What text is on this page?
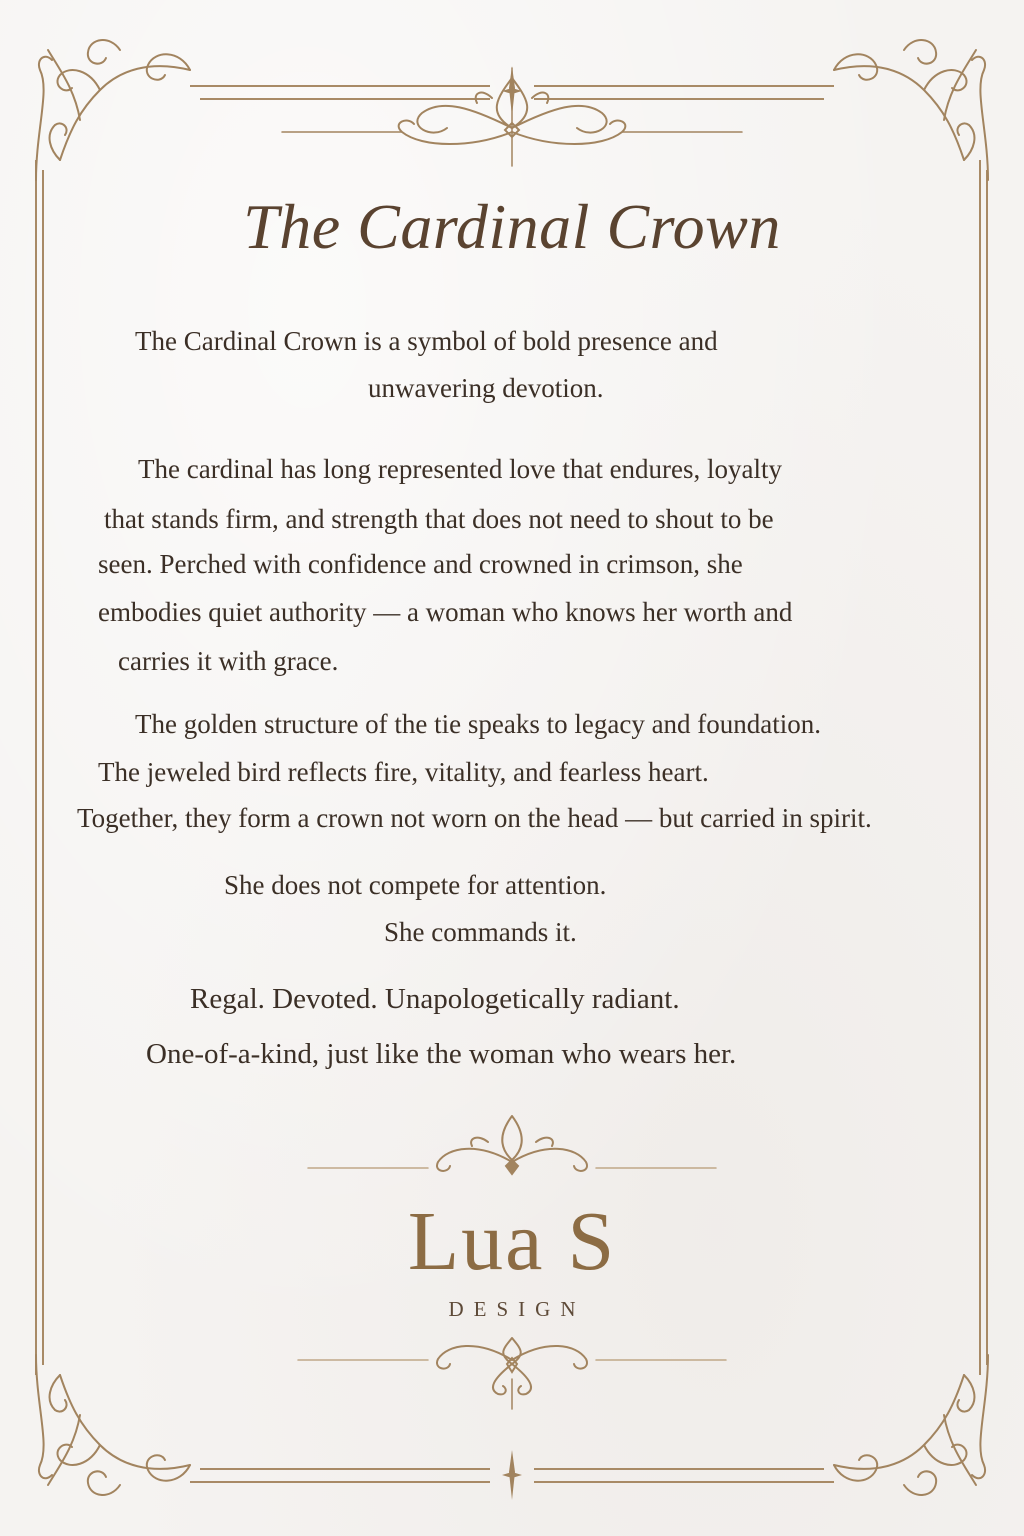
The Cardinal Crown
The Cardinal Crown is a symbol of bold presence and
unwavering devotion.
The cardinal has long represented love that endures, loyalty
that stands firm, and strength that does not need to shout to be
seen. Perched with confidence and crowned in crimson, she
embodies quiet authority — a woman who knows her worth and
carries it with grace.
The golden structure of the tie speaks to legacy and foundation.
The jeweled bird reflects fire, vitality, and fearless heart.
Together, they form a crown not worn on the head — but carried in spirit.
She does not compete for attention.
She commands it.
Regal. Devoted. Unapologetically radiant.
One-of-a-kind, just like the woman who wears her.
Lua S
DESIGN
